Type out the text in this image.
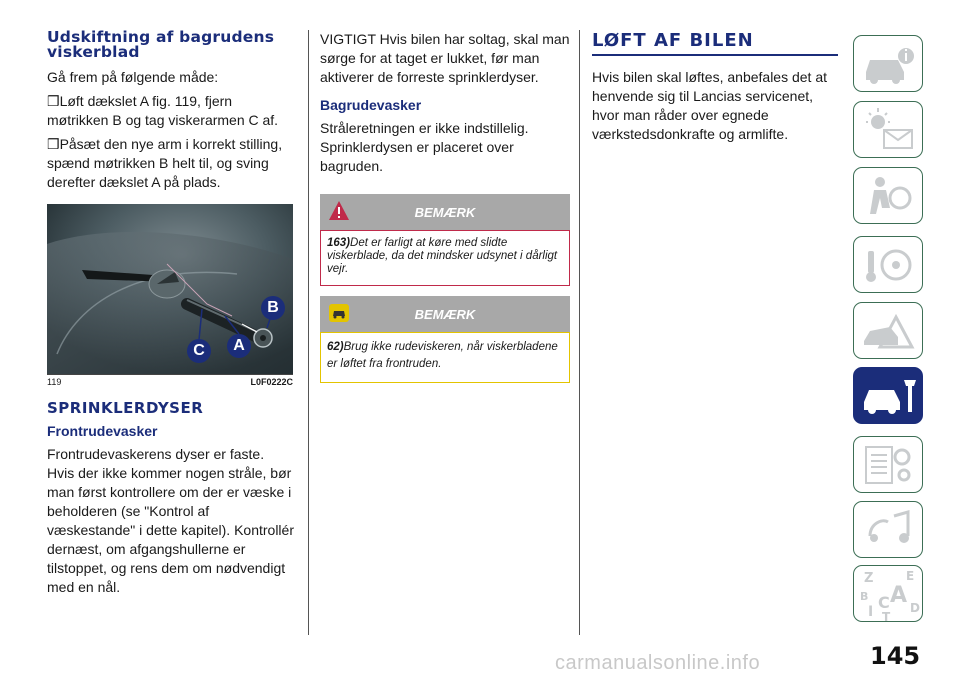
Udskiftning af bagrudens viskerblad

Gå frem på følgende måde:

❒Løft dækslet A fig. 119, fjern møtrikken B og tag viskerarmen C af.

❒Påsæt den nye arm i korrekt stilling, spænd møtrikken B helt til, og sving derefter dækslet A på plads.

B
A
C
119	L0F0222C
SPRINKLERDYSER
Frontrudevasker

Frontrudevaskerens dyser er faste. Hvis der ikke kommer nogen stråle, bør man først kontrollere om der er væske i beholderen (se "Kontrol af væskestande" i dette kapitel). Kontrollér dernæst, om afgangshullerne er tilstoppet, og rens dem om nødvendigt med en nål.

VIGTIGT Hvis bilen har soltag, skal man sørge for at taget er lukket, før man aktiverer de forreste sprinklerdyser.

Bagrudevasker

Stråleretningen er ikke indstillelig. Sprinklerdysen er placeret over bagruden.

BEMÆRK
163)Det er farligt at køre med slidte viskerblade, da det mindsker udsynet i dårligt vejr.
BEMÆRK
62)Brug ikke rudeviskeren, når viskerbladene er løftet fra frontruden.
LØFT AF BILEN

Hvis bilen skal løftes, anbefales det at henvende sig til Lancias servicenet, hvor man råder over egnede værkstedsdonkrafte og armlifte.

Z	E
B A
I C
T
D
145
carmanualsonline.info
